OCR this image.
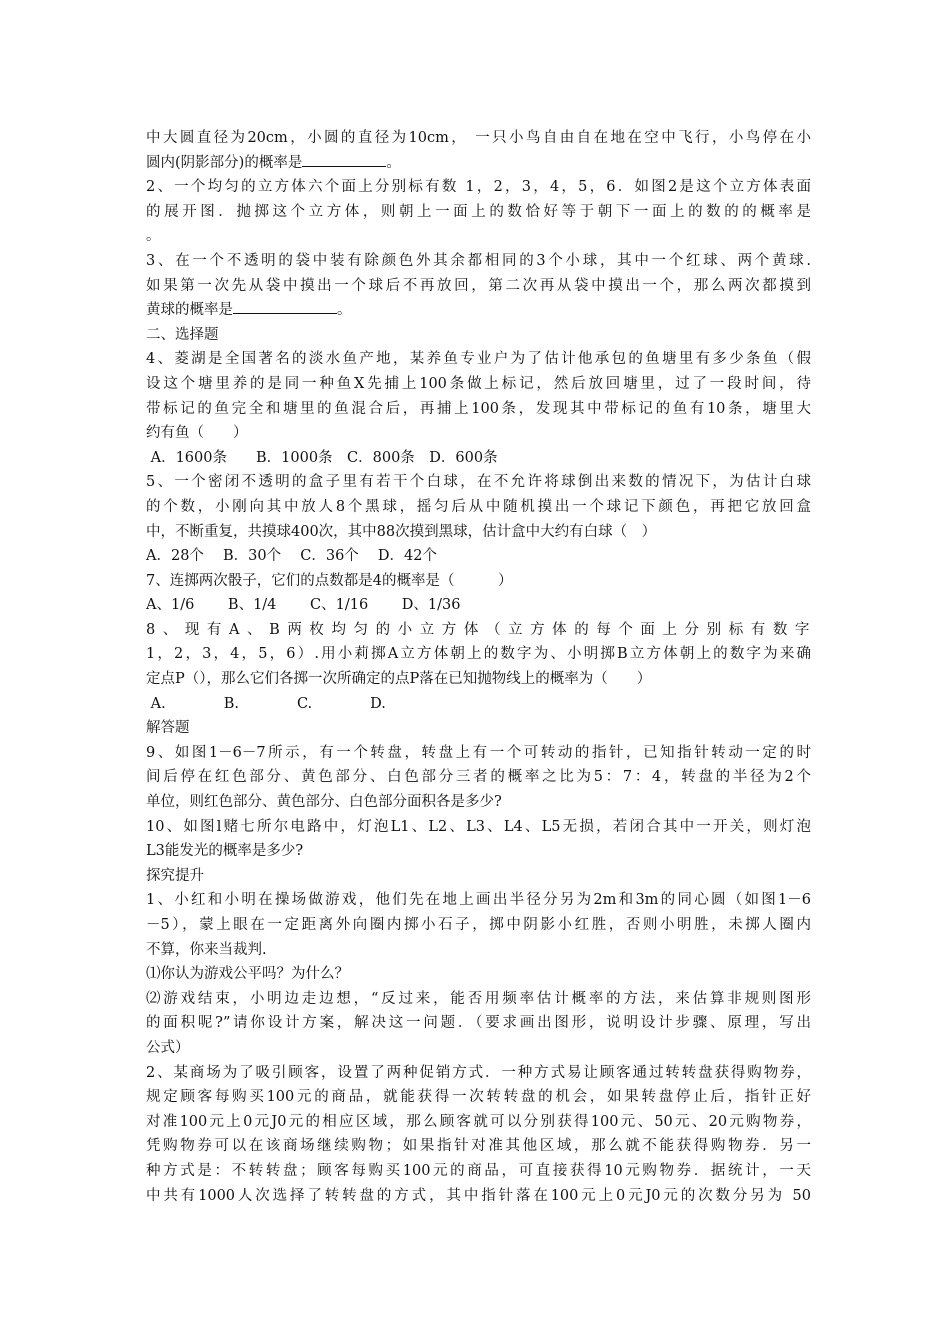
中大圆直径为20cm，小圆的直径为10cm， 一只小鸟自由自在地在空中飞行，小鸟停在小
圆内(阴影部分)的概率是	。
2、一个均匀的立方体六个面上分别标有数 1，2，3，4，5，6．如图2是这个立方体表面
的展开图．抛掷这个立方体，则朝上一面上的数恰好等于朝下一面上的数的的概率是
。
3、在一个不透明的袋中装有除颜色外其余都相同的3个小球，其中一个红球、两个黄球.
如果第一次先从袋中摸出一个球后不再放回，第二次再从袋中摸出一个，那么两次都摸到
黄球的概率是	。
二、选择题
4、菱湖是全国著名的淡水鱼产地，某养鱼专业户为了估计他承包的鱼塘里有多少条鱼（假
设这个塘里养的是同一种鱼X先捕上100条做上标记，然后放回塘里，过了一段时间，待
带标记的鱼完全和塘里的鱼混合后，再捕上100条，发现其中带标记的鱼有10条，塘里大
约有鱼（　　）
A．1600条　　B．1000条　C．800条　D．600条
5、一个密闭不透明的盒子里有若干个白球，在不允许将球倒出来数的情况下，为估计白球
的个数，小刚向其中放人8个黑球，摇匀后从中随机摸出一个球记下颜色，再把它放回盒
中，不断重复，共摸球400次，其中88次摸到黑球，估计盒中大约有白球（　）
A．28个　 B．30个　 C．36个　 D．42个
7、连掷两次骰子，它们的点数都是4的概率是（　　　）
A、1/6　　 B、1/4　　 C、1/16　　 D、1/36
8、现有A、B两枚均匀的小立方体（立方体的每个面上分别标有数字
1，2，3，4，5，6）.用小莉掷A立方体朝上的数字为、小明掷B立方体朝上的数字为来确
定点P（），那么它们各掷一次所确定的点P落在已知抛物线上的概率为（　　）
A.　　　　B.　　　　C.　　　　D.
解答题
9、如图1－6－7所示，有一个转盘，转盘上有一个可转动的指针，已知指针转动一定的时
间后停在红色部分、黄色部分、白色部分三者的概率之比为5：7：4，转盘的半径为2个
单位，则红色部分、黄色部分、白色部分面积各是多少?
10、如图l赌七所尔电路中，灯泡L1、L2、L3、L4、L5无损，若闭合其中一开关，则灯泡
L3能发光的概率是多少?
探究提升
1、小红和小明在操场做游戏，他们先在地上画出半径分另为2m和3m的同心圆（如图1－6
－5），蒙上眼在一定距离外向圈内掷小石子，掷中阴影小红胜，否则小明胜，未掷人圈内
不算，你来当裁判.
⑴你认为游戏公平吗？为什么？
⑵游戏结束，小明边走边想，“反过来，能否用频率估计概率的方法，来估算非规则图形
的面积呢?”请你设计方案，解决这一问题．（要求画出图形，说明设计步骤、原理，写出
公式）
2、某商场为了吸引顾客，设置了两种促销方式．一种方式易让顾客通过转转盘获得购物券，
规定顾客每购买100元的商品，就能获得一次转转盘的机会，如果转盘停止后，指针正好
对准100元上0元J0元的相应区域，那么顾客就可以分别获得100元、50元、20元购物券，
凭购物券可以在该商场继续购物；如果指针对准其他区域，那么就不能获得购物券．另一
种方式是：不转转盘；顾客每购买100元的商品，可直接获得10元购物券．据统计，一天
中共有1000人次选择了转转盘的方式，其中指针落在100元上0元J0元的次数分另为 50
